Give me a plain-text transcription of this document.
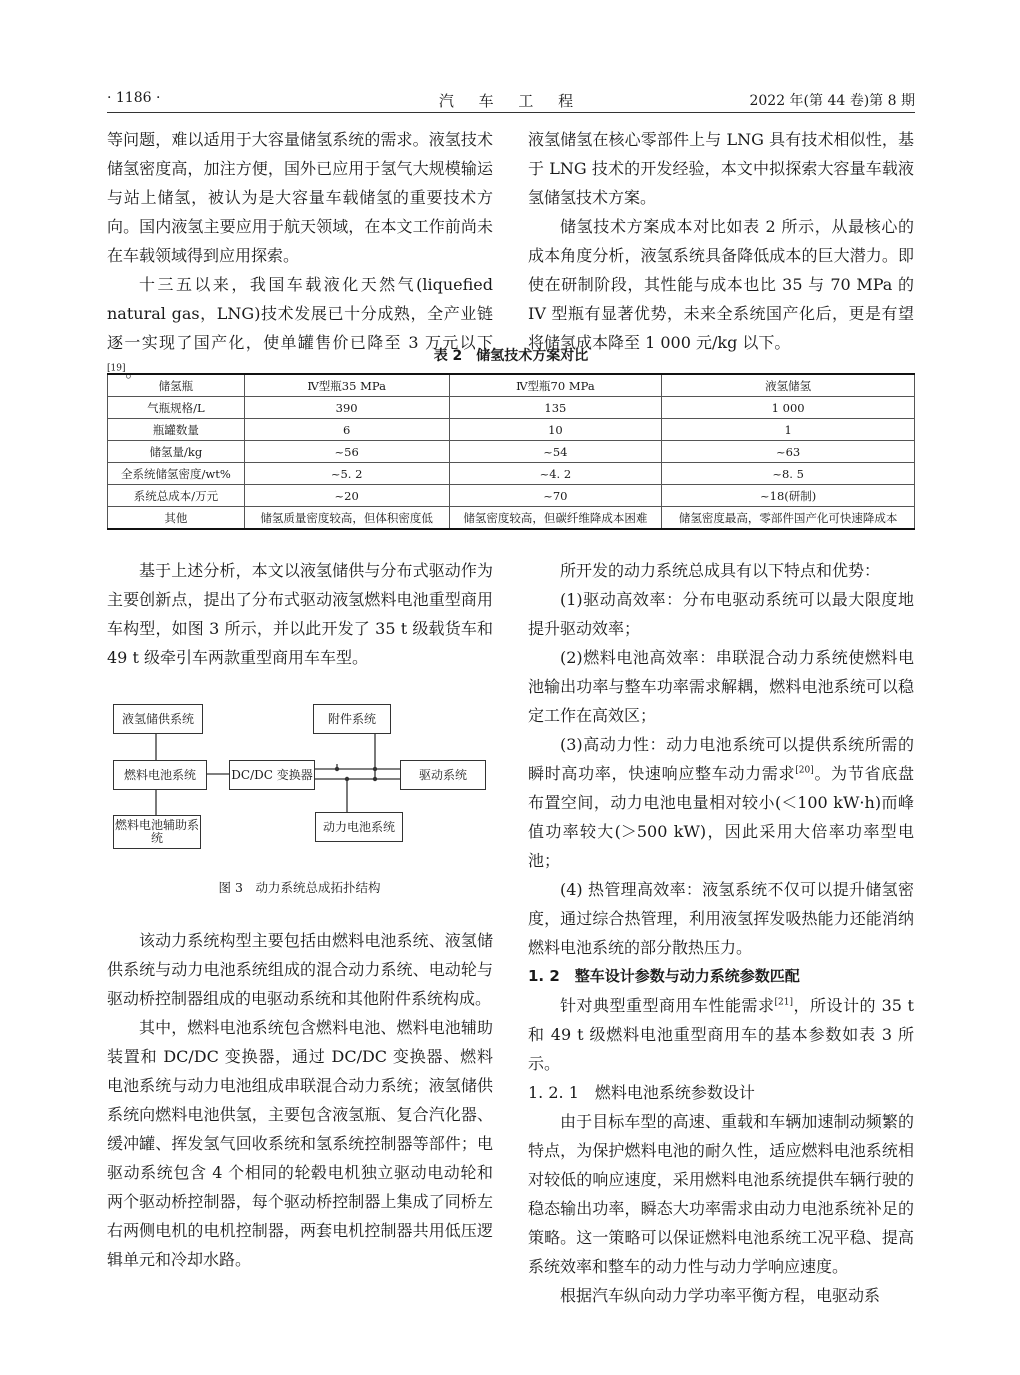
· 1186 ·	汽 车 工 程	2022 年(第 44 卷)第 8 期

等问题，难以适用于大容量储氢系统的需求。液氢技术储氢密度高，加注方便，国外已应用于氢气大规模输运与站上储氢，被认为是大容量车载储氢的重要技术方向。国内液氢主要应用于航天领域，在本文工作前尚未在车载领域得到应用探索。

十三五以来，我国车载液化天然气(liquefied natural gas，LNG)技术发展已十分成熟，全产业链逐一实现了国产化，使单罐售价已降至 3 万元以下[19]。

液氢储氢在核心零部件上与 LNG 具有技术相似性，基于 LNG 技术的开发经验，本文中拟探索大容量车载液氢储氢技术方案。

储氢技术方案成本对比如表 2 所示，从最核心的成本角度分析，液氢系统具备降低成本的巨大潜力。即使在研制阶段，其性能与成本也比 35 与 70 MPa 的 IV 型瓶有显著优势，未来全系统国产化后，更是有望将储氢成本降至 1 000 元/kg 以下。

表 2　储氢技术方案对比
储氢瓶	Ⅳ型瓶35 MPa	Ⅳ型瓶70 MPa	液氢储氢
气瓶规格/L	390	135	1 000
瓶罐数量	6	10	1
储氢量/kg	~56	~54	~63
全系统储氢密度/wt%	~5. 2	~4. 2	~8. 5
系统总成本/万元	~20	~70	~18(研制)
其他	储氢质量密度较高，但体积密度低	储氢密度较高，但碳纤维降成本困难	储氢密度最高，零部件国产化可快速降成本

基于上述分析，本文以液氢储供与分布式驱动作为主要创新点，提出了分布式驱动液氢燃料电池重型商用车构型，如图 3 所示，并以此开发了 35 t 级载货车和 49 t 级牵引车两款重型商用车车型。

液氢储供系统
燃料电池系统	DC/DC 变换器
附件系统
驱动系统
燃料电池辅助系统
动力电池系统
图 3　动力系统总成拓扑结构

该动力系统构型主要包括由燃料电池系统、液氢储供系统与动力电池系统组成的混合动力系统、电动轮与驱动桥控制器组成的电驱动系统和其他附件系统构成。

其中，燃料电池系统包含燃料电池、燃料电池辅助装置和 DC/DC 变换器，通过 DC/DC 变换器、燃料电池系统与动力电池组成串联混合动力系统；液氢储供系统向燃料电池供氢，主要包含液氢瓶、复合汽化器、缓冲罐、挥发氢气回收系统和氢系统控制器等部件；电驱动系统包含 4 个相同的轮毂电机独立驱动电动轮和两个驱动桥控制器，每个驱动桥控制器上集成了同桥左右两侧电机的电机控制器，两套电机控制器共用低压逻辑单元和冷却水路。

所开发的动力系统总成具有以下特点和优势：

(1)驱动高效率：分布电驱动系统可以最大限度地提升驱动效率；

(2)燃料电池高效率：串联混合动力系统使燃料电池输出功率与整车功率需求解耦，燃料电池系统可以稳定工作在高效区；

(3)高动力性：动力电池系统可以提供系统所需的瞬时高功率，快速响应整车动力需求[20]。为节省底盘布置空间，动力电池电量相对较小(＜100 kW·h)而峰值功率较大(＞500 kW)，因此采用大倍率功率型电池；

(4) 热管理高效率：液氢系统不仅可以提升储氢密度，通过综合热管理，利用液氢挥发吸热能力还能消纳燃料电池系统的部分散热压力。

1. 2　整车设计参数与动力系统参数匹配

针对典型重型商用车性能需求[21]，所设计的 35 t 和 49 t 级燃料电池重型商用车的基本参数如表 3 所示。

1. 2. 1　燃料电池系统参数设计

由于目标车型的高速、重载和车辆加速制动频繁的特点，为保护燃料电池的耐久性，适应燃料电池系统相对较低的响应速度，采用燃料电池系统提供车辆行驶的稳态输出功率，瞬态大功率需求由动力电池系统补足的策略。这一策略可以保证燃料电池系统工况平稳、提高系统效率和整车的动力性与动力学响应速度。

根据汽车纵向动力学功率平衡方程，电驱动系
